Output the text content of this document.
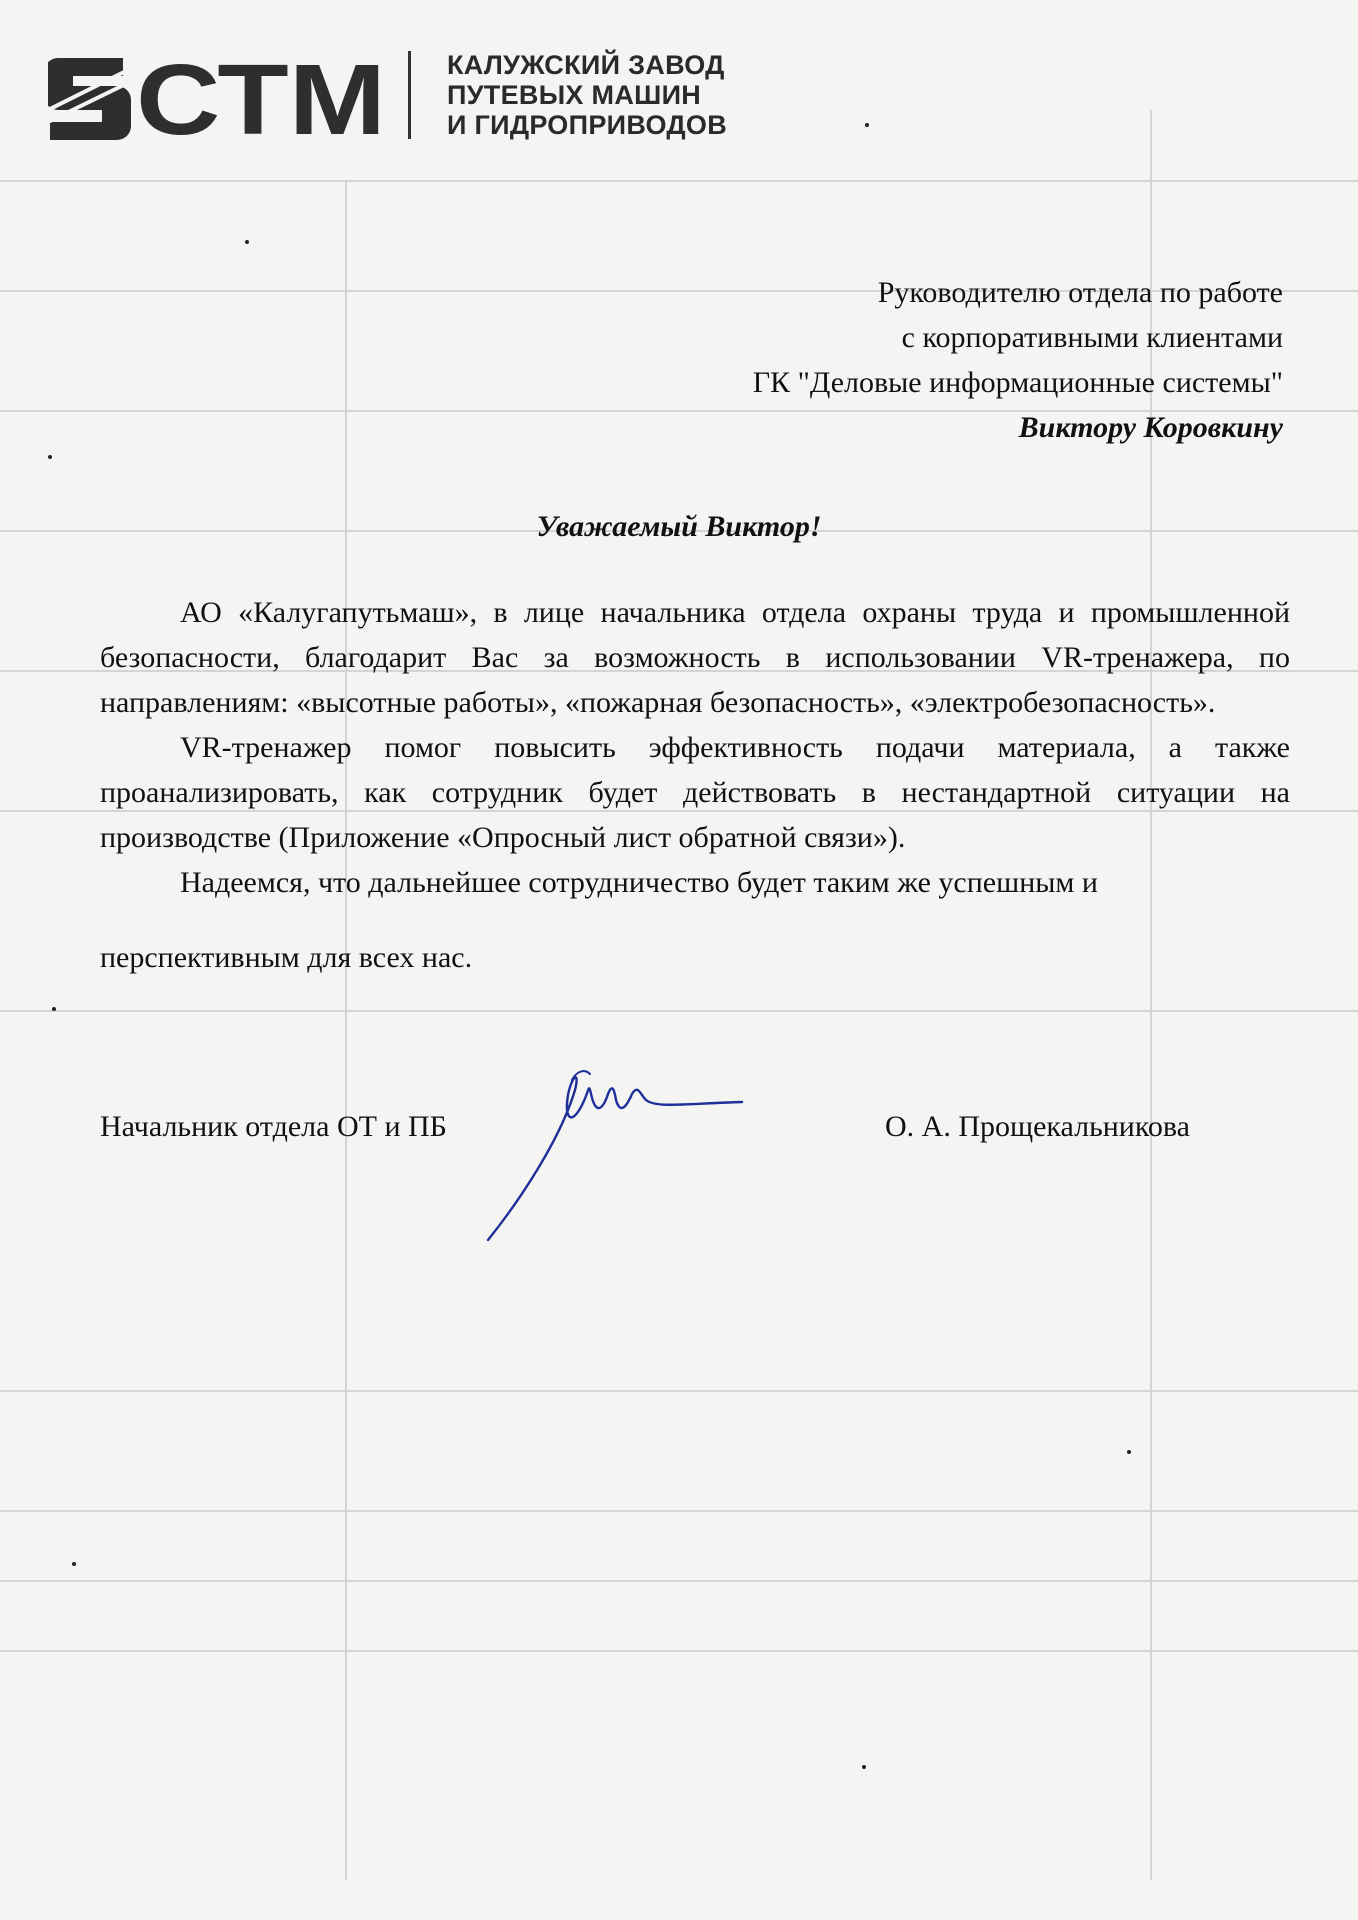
СТМ КАЛУЖСКИЙ ЗАВОД
ПУТЕВЫХ МАШИН
И ГИДРОПРИВОДОВ
Руководителю отдела по работе
с корпоративными клиентами
ГК "Деловые информационные системы"
Виктору Коровкину
Уважаемый Виктор!

АО «Калугапутьмаш», в лице начальника отдела охраны труда и промышленной безопасности, благодарит Вас за возможность в использовании VR-тренажера, по направлениям: «высотные работы», «пожарная безопасность», «электробезопасность».

VR-тренажер помог повысить эффективность подачи материала, а также проанализировать, как сотрудник будет действовать в нестандартной ситуации на производстве (Приложение «Опросный лист обратной связи»).

Надеемся, что дальнейшее сотрудничество будет таким же успешным и

перспективным для всех нас.

Начальник отдела ОТ и ПБ	О. А. Прощекальникова
